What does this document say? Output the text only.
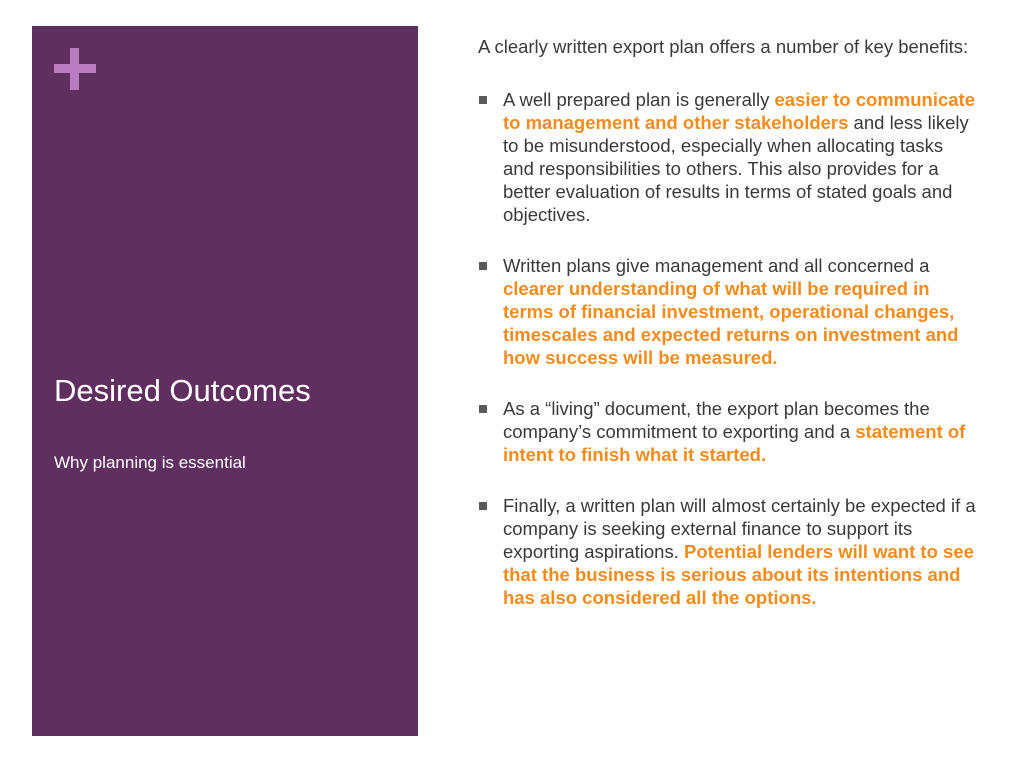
Desired Outcomes

Why planning is essential

A clearly written export plan offers a number of key benefits:

A well prepared plan is generally easier to communicate to management and other stakeholders and less likely to be misunderstood, especially when allocating tasks and responsibilities to others. This also provides for a better evaluation of results in terms of stated goals and objectives.
Written plans give management and all concerned a clearer understanding of what will be required in terms of financial investment, operational changes, timescales and expected returns on investment and how success will be measured.
As a “living” document, the export plan becomes the company’s commitment to exporting and a statement of intent to finish what it started.
Finally, a written plan will almost certainly be expected if a company is seeking external finance to support its exporting aspirations. Potential lenders will want to see that the business is serious about its intentions and has also considered all the options.
